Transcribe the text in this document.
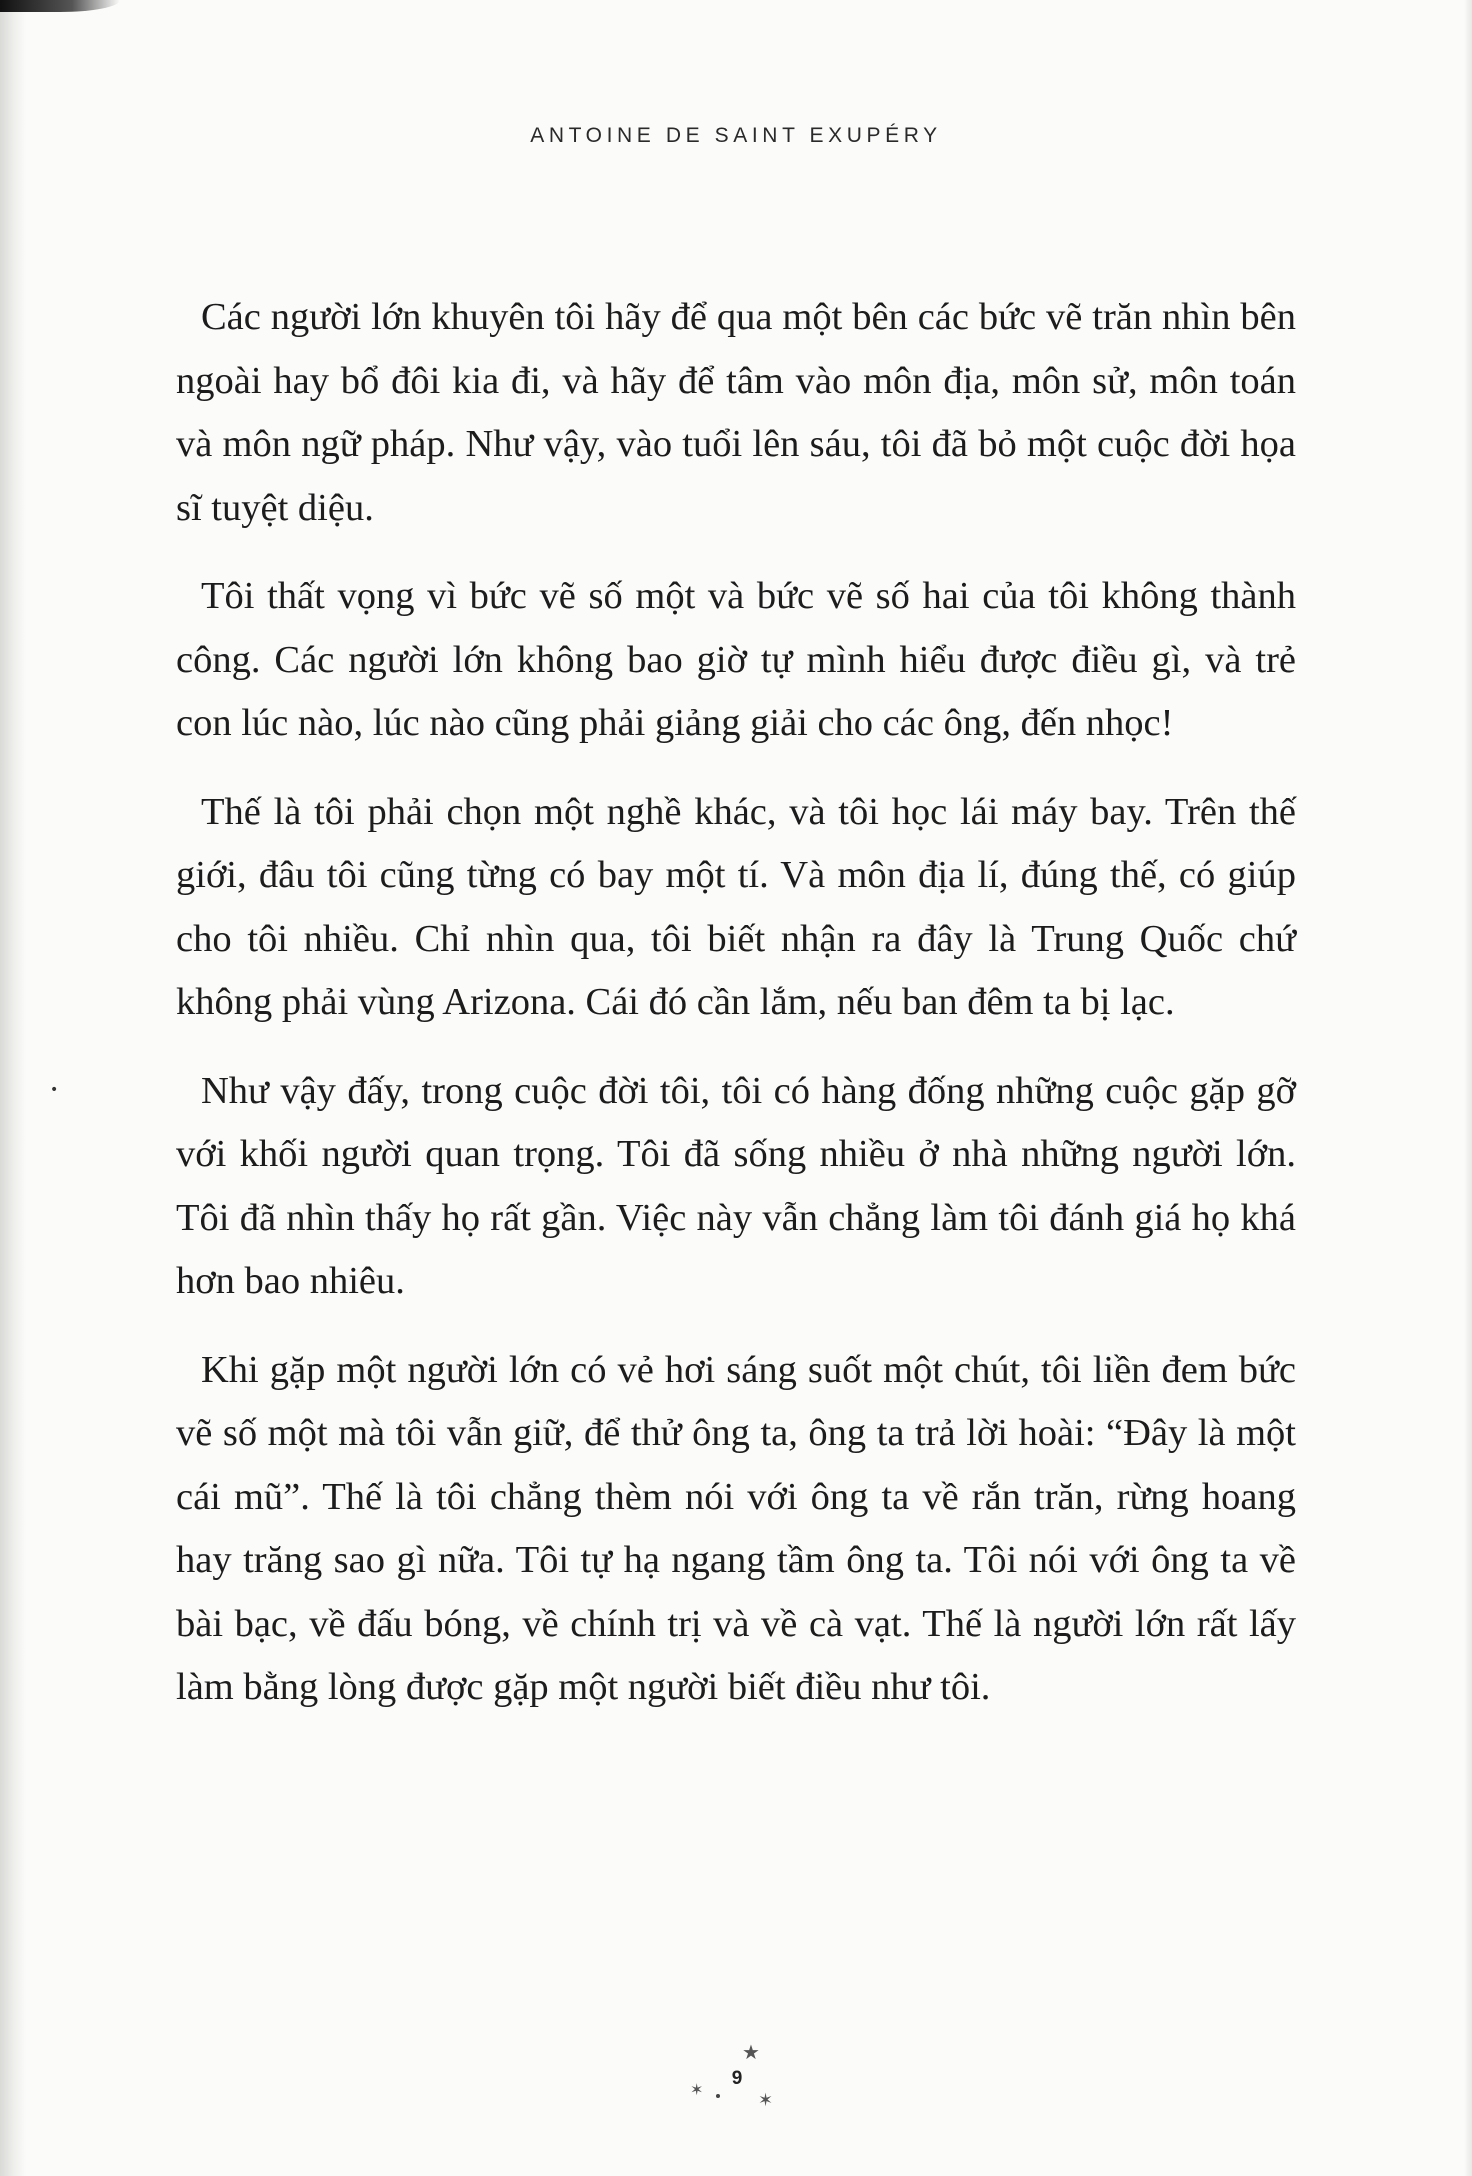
ANTOINE DE SAINT EXUPÉRY

Các người lớn khuyên tôi hãy để qua một bên các bức vẽ trăn nhìn bên ngoài hay bổ đôi kia đi, và hãy để tâm vào môn địa, môn sử, môn toán và môn ngữ pháp. Như vậy, vào tuổi lên sáu, tôi đã bỏ một cuộc đời họa sĩ tuyệt diệu.

Tôi thất vọng vì bức vẽ số một và bức vẽ số hai của tôi không thành công. Các người lớn không bao giờ tự mình hiểu được điều gì, và trẻ con lúc nào, lúc nào cũng phải giảng giải cho các ông, đến nhọc!

Thế là tôi phải chọn một nghề khác, và tôi học lái máy bay. Trên thế giới, đâu tôi cũng từng có bay một tí. Và môn địa lí, đúng thế, có giúp cho tôi nhiều. Chỉ nhìn qua, tôi biết nhận ra đây là Trung Quốc chứ không phải vùng Arizona. Cái đó cần lắm, nếu ban đêm ta bị lạc.

Như vậy đấy, trong cuộc đời tôi, tôi có hàng đống những cuộc gặp gỡ với khối người quan trọng. Tôi đã sống nhiều ở nhà những người lớn. Tôi đã nhìn thấy họ rất gần. Việc này vẫn chẳng làm tôi đánh giá họ khá hơn bao nhiêu.

Khi gặp một người lớn có vẻ hơi sáng suốt một chút, tôi liền đem bức vẽ số một mà tôi vẫn giữ, để thử ông ta, ông ta trả lời hoài: “Đây là một cái mũ”. Thế là tôi chẳng thèm nói với ông ta về rắn trăn, rừng hoang hay trăng sao gì nữa. Tôi tự hạ ngang tầm ông ta. Tôi nói với ông ta về bài bạc, về đấu bóng, về chính trị và về cà vạt. Thế là người lớn rất lấy làm bằng lòng được gặp một người biết điều như tôi.

•
★
✶
9
✶
